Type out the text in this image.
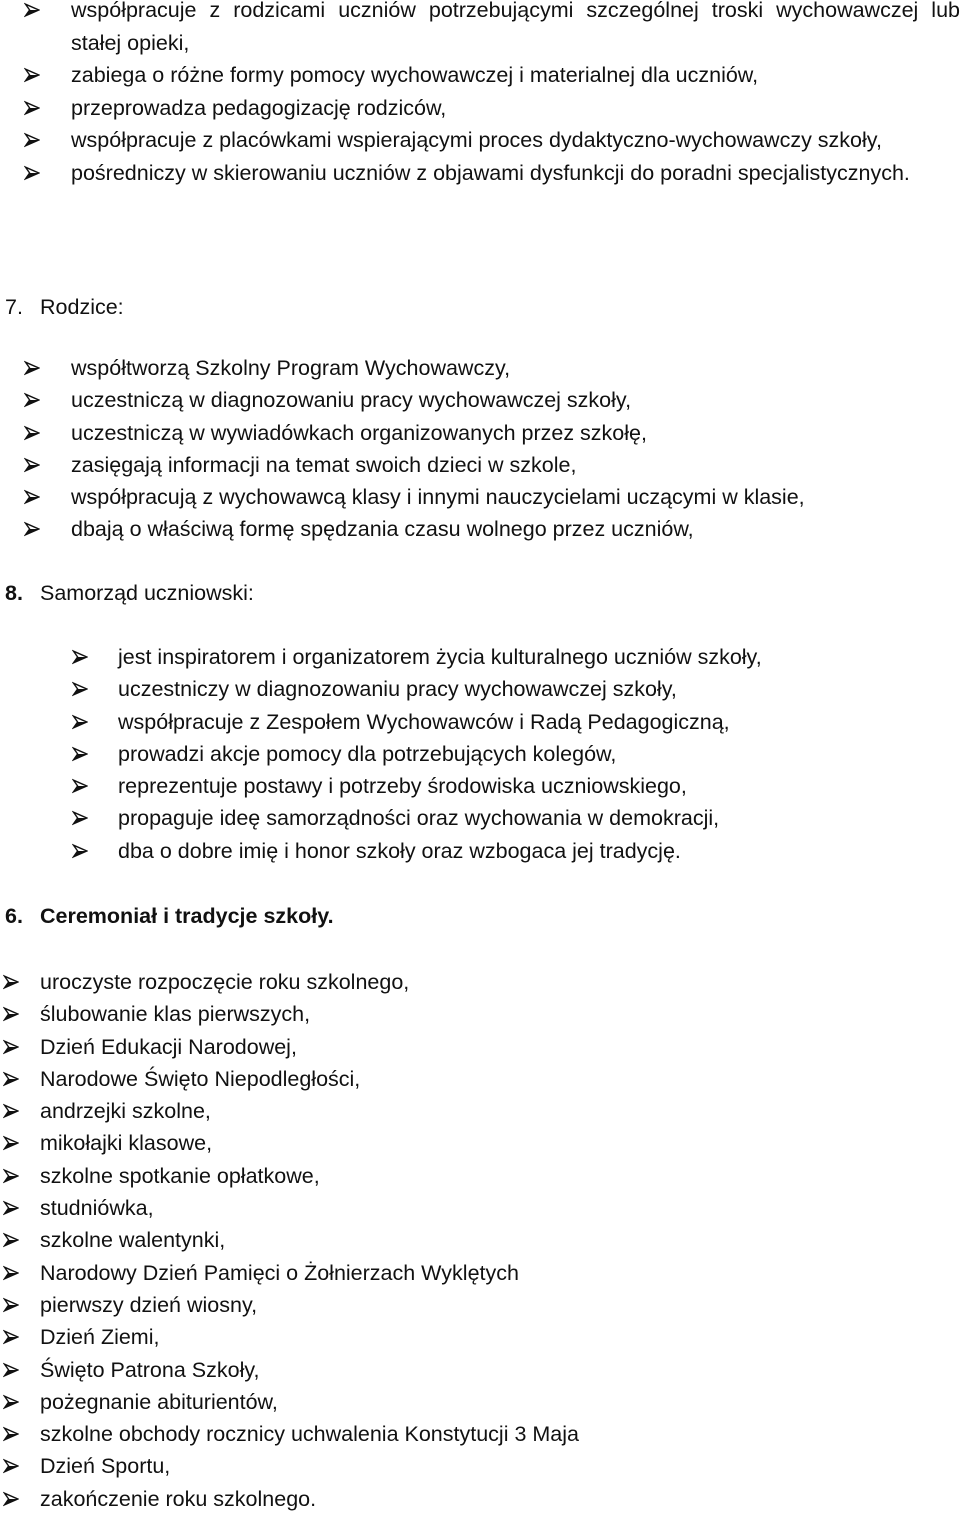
współpracuje z rodzicami uczniów potrzebującymi szczególnej troski wychowawczej lub stałej opieki,
zabiega o różne formy pomocy wychowawczej i materialnej dla uczniów,
przeprowadza pedagogizację rodziców,
współpracuje z placówkami wspierającymi proces dydaktyczno-wychowawczy szkoły,
pośredniczy w skierowaniu uczniów z objawami dysfunkcji do poradni specjalistycznych.
7. Rodzice:
współtworzą Szkolny Program Wychowawczy,
uczestniczą w diagnozowaniu pracy wychowawczej szkoły,
uczestniczą w wywiadówkach organizowanych przez szkołę,
zasięgają informacji na temat swoich dzieci w szkole,
współpracują z wychowawcą klasy i innymi nauczycielami uczącymi w klasie,
dbają o właściwą formę spędzania czasu wolnego przez uczniów,
8. Samorząd uczniowski:
jest inspiratorem i organizatorem życia kulturalnego uczniów szkoły,
uczestniczy w diagnozowaniu pracy wychowawczej szkoły,
współpracuje z Zespołem Wychowawców i Radą Pedagogiczną,
prowadzi akcje pomocy dla potrzebujących kolegów,
reprezentuje postawy i potrzeby środowiska uczniowskiego,
propaguje ideę samorządności oraz wychowania w demokracji,
dba o dobre imię i honor szkoły oraz wzbogaca jej tradycję.
6. Ceremoniał i tradycje szkoły.
uroczyste rozpoczęcie roku szkolnego,
ślubowanie klas pierwszych,
Dzień Edukacji Narodowej,
Narodowe Święto Niepodległości,
andrzejki szkolne,
mikołajki klasowe,
szkolne spotkanie opłatkowe,
studniówka,
szkolne walentynki,
Narodowy Dzień Pamięci o Żołnierzach Wyklętych
pierwszy dzień wiosny,
Dzień Ziemi,
Święto Patrona Szkoły,
pożegnanie abiturientów,
szkolne obchody rocznicy uchwalenia Konstytucji 3 Maja
Dzień Sportu,
zakończenie roku szkolnego.
